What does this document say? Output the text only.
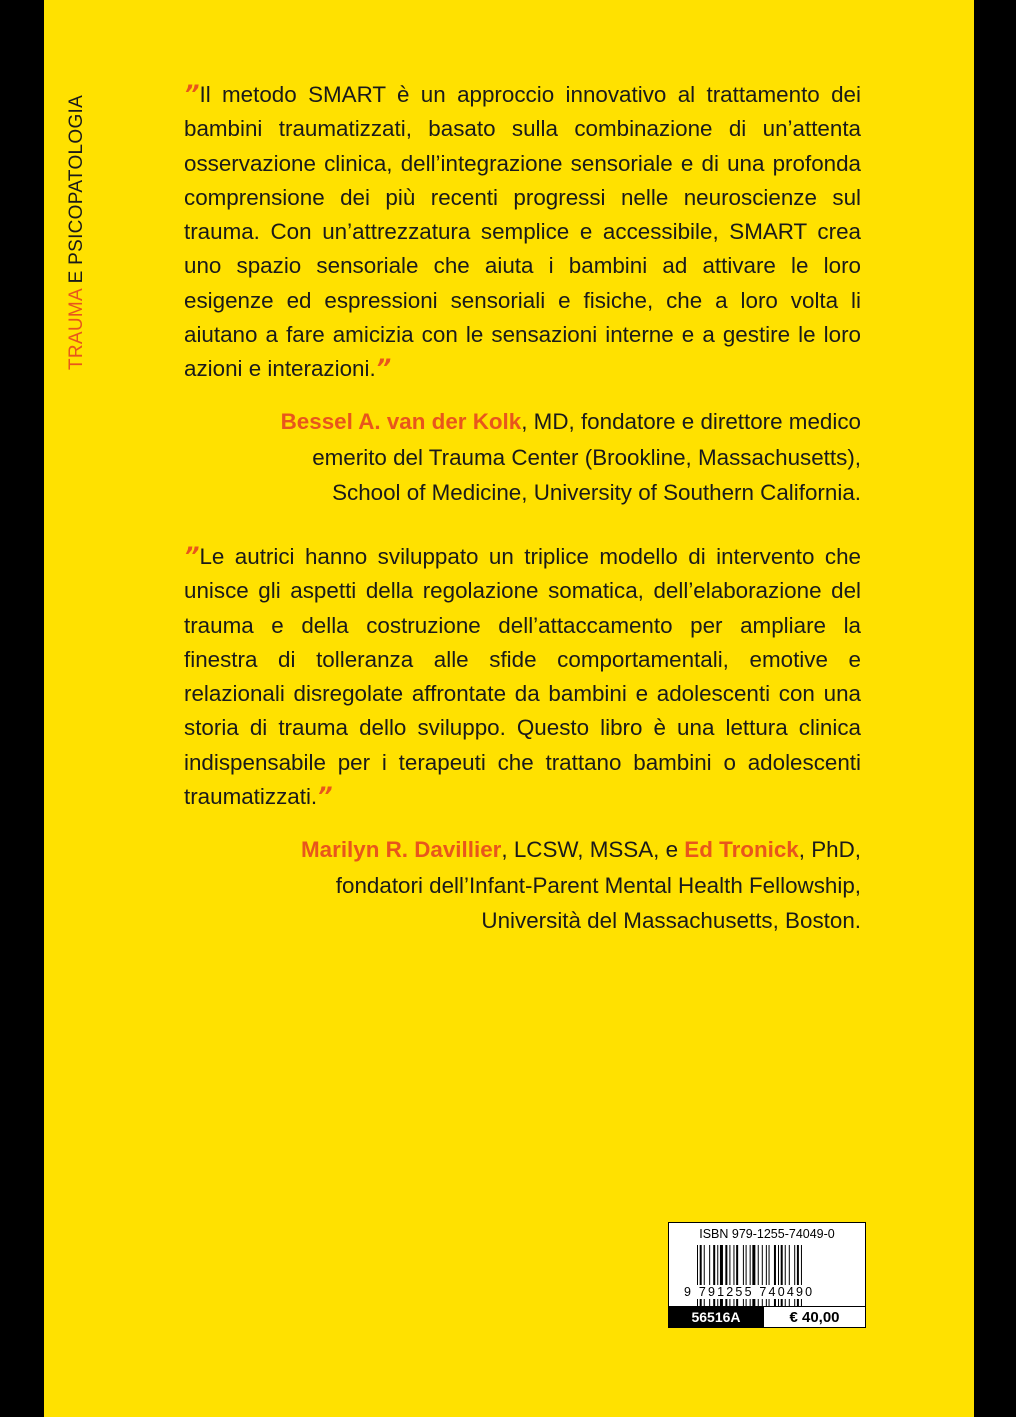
TRAUMA E PSICOPATOLOGIA

”Il metodo SMART è un approccio innovativo al trattamento dei bambini traumatizzati, basato sulla combinazione di un’attenta osservazione clinica, dell’integrazione sensoriale e di una profonda comprensione dei più recenti progressi nelle neuroscienze sul trauma. Con un’attrezzatura semplice e accessibile, SMART crea uno spazio sensoriale che aiuta i bambini ad attivare le loro esigenze ed espressioni sensoriali e fisiche, che a loro volta li aiutano a fare amicizia con le sensazioni interne e a gestire le loro azioni e interazioni.”

Bessel A. van der Kolk, MD, fondatore e direttore medico
emerito del Trauma Center (Brookline, Massachusetts),
School of Medicine, University of Southern California.

”Le autrici hanno sviluppato un triplice modello di intervento che unisce gli aspetti della regolazione somatica, dell’elaborazione del trauma e della costruzione dell’attaccamento per ampliare la finestra di tolleranza alle sfide comportamentali, emotive e relazionali disregolate affrontate da bambini e adolescenti con una storia di trauma dello sviluppo. Questo libro è una lettura clinica indispensabile per i terapeuti che trattano bambini o adolescenti traumatizzati.”

Marilyn R. Davillier, LCSW, MSSA, e Ed Tronick, PhD,
fondatori dell’Infant-Parent Mental Health Fellowship,
Università del Massachusetts, Boston.

ISBN 979-1255-74049-0
9 791255 740490
56516A	€ 40,00
